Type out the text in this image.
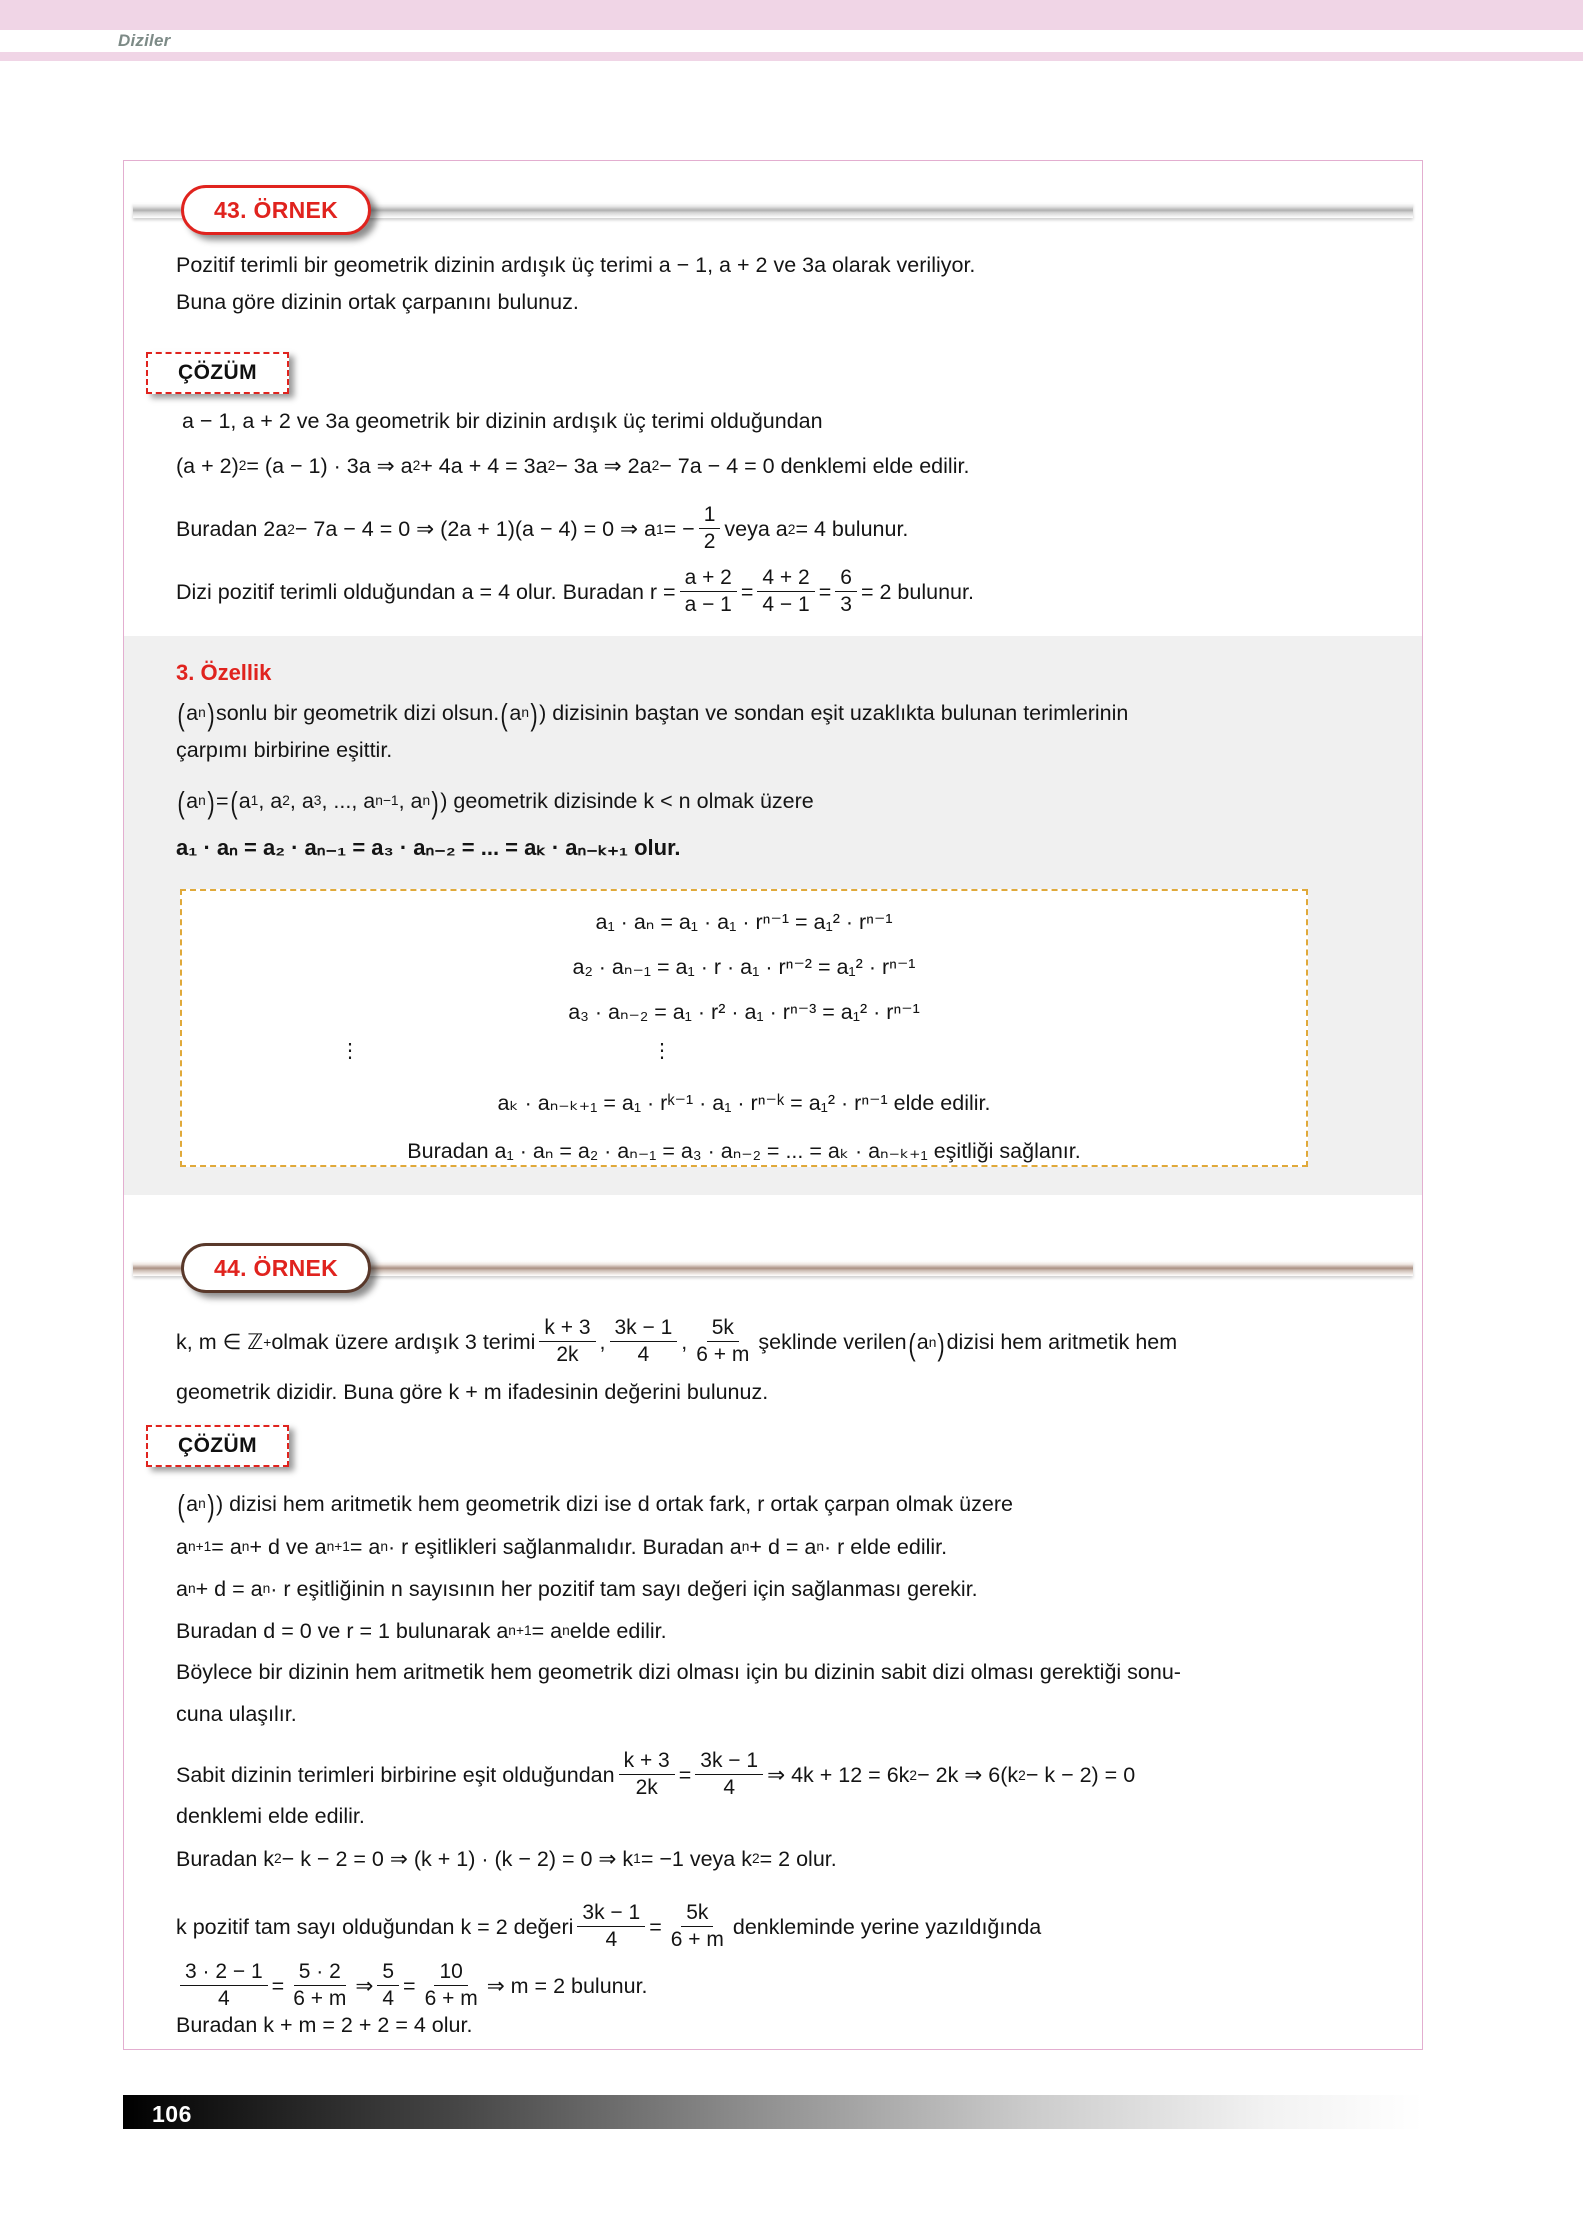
Diziler
43. ÖRNEK
Pozitif terimli bir geometrik dizinin ardışık üç terimi a − 1, a + 2 ve 3a olarak veriliyor.
Buna göre dizinin ortak çarpanını bulunuz.
ÇÖZÜM
a − 1, a + 2 ve 3a geometrik bir dizinin ardışık üç terimi olduğundan
(a + 2) 2 = (a − 1) · 3a ⇒ a 2 + 4a + 4 = 3a 2 − 3a ⇒ 2a 2 − 7a − 4 = 0 denklemi elde edilir.
Buradan 2a 2 − 7a − 4 = 0 ⇒ (2a + 1)(a − 4) = 0 ⇒ a 1 = − $\frac{1}{2}$ veya a 2 = 4 bulunur.
Dizi pozitif terimli olduğundan a = 4 olur. Buradan $r = \frac{a + 2}{a - 1} = \frac{4 + 2}{4 - 1} = \frac{6}{3} = 2$ bulunur.
3. Özellik
( a n ) sonlu bir geometrik dizi olsun. ( a n ) ) dizisinin baştan ve sondan eşit uzaklıkta bulunan terimlerinin
çarpımı birbirine eşittir.
( a n ) = ( a 1 , a 2 , a 3 , ..., a n−1 , a n ) ) geometrik dizisinde k < n olmak üzere
a₁ · aₙ = a₂ · aₙ₋₁ = a₃ · aₙ₋₂ = ... = aₖ · aₙ₋ₖ₊₁ olur.
a₁ · aₙ = a₁ · a₁ · rⁿ⁻¹ = a₁² · rⁿ⁻¹
a₂ · aₙ₋₁ = a₁ · r · a₁ · rⁿ⁻² = a₁² · rⁿ⁻¹
a₃ · aₙ₋₂ = a₁ · r² · a₁ · rⁿ⁻³ = a₁² · rⁿ⁻¹
⋮	⋮
aₖ · aₙ₋ₖ₊₁ = a₁ · rᵏ⁻¹ · a₁ · rⁿ⁻ᵏ = a₁² · rⁿ⁻¹ elde edilir.
Buradan a₁ · aₙ = a₂ · aₙ₋₁ = a₃ · aₙ₋₂ = ... = aₖ · aₙ₋ₖ₊₁ eşitliği sağlanır.
44. ÖRNEK
k, m ∈ ℤ + olmak üzere ardışık 3 terimi $\frac{k + 3}{2k}$ , $\frac{3k - 1}{4}$ , $\frac{5k}{6 + m}$ şeklinde verilen ( a n ) dizisi hem aritmetik hem
geometrik dizidir. Buna göre k + m ifadesinin değerini bulunuz.
ÇÖZÜM
( a n ) ) dizisi hem aritmetik hem geometrik dizi ise d ortak fark, r ortak çarpan olmak üzere
a n+1 = a n + d ve a n+1 = a n · r eşitlikleri sağlanmalıdır. Buradan a n + d = a n · r elde edilir.
a n + d = a n · r eşitliğinin n sayısının her pozitif tam sayı değeri için sağlanması gerekir.
Buradan d = 0 ve r = 1 bulunarak a n+1 = a n elde edilir.
Böylece bir dizinin hem aritmetik hem geometrik dizi olması için bu dizinin sabit dizi olması gerektiği sonu-
cuna ulaşılır.
Sabit dizinin terimleri birbirine eşit olduğundan $\frac{k + 3}{2k} = \frac{3k - 1}{4}$ ⇒ 4k + 12 = 6k 2 − 2k ⇒ 6(k 2 − k − 2) = 0
denklemi elde edilir.
Buradan k 2 − k − 2 = 0 ⇒ (k + 1) · (k − 2) = 0 ⇒ k 1 = −1 veya k 2 = 2 olur.
k pozitif tam sayı olduğundan k = 2 değeri $\frac{3k - 1}{4} = \frac{5k}{6 + m}$ denkleminde yerine yazıldığında
$\frac{3 \cdot 2 - 1}{4} = \frac{5 \cdot 2}{6 + m}$ ⇒ $\frac{5}{4} = \frac{10}{6 + m}$ ⇒ m = 2 bulunur.
Buradan k + m = 2 + 2 = 4 olur.
106
